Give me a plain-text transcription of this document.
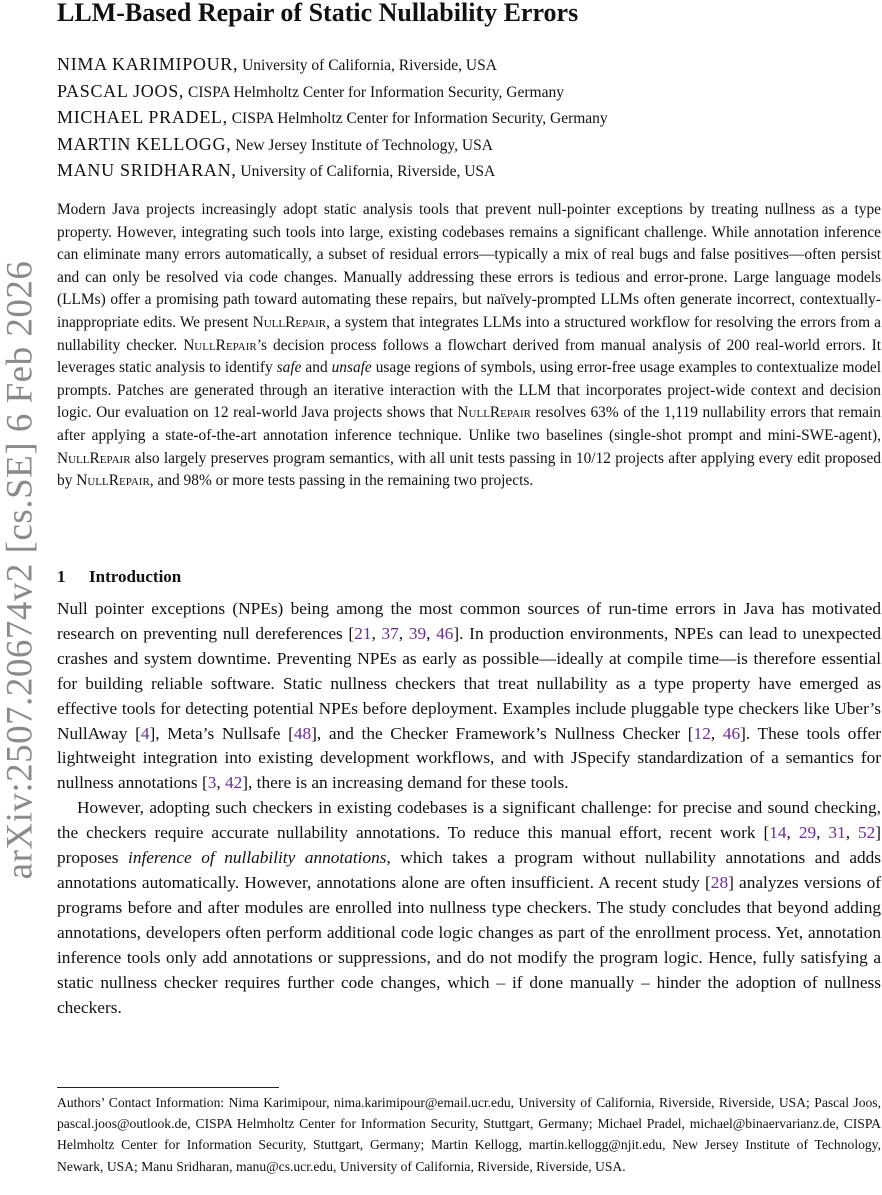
arXiv:2507.20674v2 [cs.SE] 6 Feb 2026
LLM-Based Repair of Static Nullability Errors
NIMA KARIMIPOUR, University of California, Riverside, USA
PASCAL JOOS, CISPA Helmholtz Center for Information Security, Germany
MICHAEL PRADEL, CISPA Helmholtz Center for Information Security, Germany
MARTIN KELLOGG, New Jersey Institute of Technology, USA
MANU SRIDHARAN, University of California, Riverside, USA

Modern Java projects increasingly adopt static analysis tools that prevent null-pointer exceptions by treating nullness as a type property. However, integrating such tools into large, existing codebases remains a significant challenge. While annotation inference can eliminate many errors automatically, a subset of residual errors—typically a mix of real bugs and false positives—often persist and can only be resolved via code changes. Manually addressing these errors is tedious and error-prone. Large language models (LLMs) offer a promising path toward automating these repairs, but naïvely-prompted LLMs often generate incorrect, contextually-inappropriate edits. We present NullRepair, a system that integrates LLMs into a structured workflow for resolving the errors from a nullability checker. NullRepair’s decision process follows a flowchart derived from manual analysis of 200 real-world errors. It leverages static analysis to identify safe and unsafe usage regions of symbols, using error-free usage examples to contextualize model prompts. Patches are generated through an iterative interaction with the LLM that incorporates project-wide context and decision logic. Our evaluation on 12 real-world Java projects shows that NullRepair resolves 63% of the 1,119 nullability errors that remain after applying a state-of-the-art annotation inference technique. Unlike two baselines (single-shot prompt and mini-SWE-agent), NullRepair also largely preserves program semantics, with all unit tests passing in 10/12 projects after applying every edit proposed by NullRepair, and 98% or more tests passing in the remaining two projects.

1 Introduction

Null pointer exceptions (NPEs) being among the most common sources of run-time errors in Java has motivated research on preventing null dereferences [21, 37, 39, 46]. In production environments, NPEs can lead to unexpected crashes and system downtime. Preventing NPEs as early as possible—ideally at compile time—is therefore essential for building reliable software. Static nullness checkers that treat nullability as a type property have emerged as effective tools for detecting potential NPEs before deployment. Examples include pluggable type checkers like Uber’s NullAway [4], Meta’s Nullsafe [48], and the Checker Framework’s Nullness Checker [12, 46]. These tools offer lightweight integration into existing development workflows, and with JSpecify standardization of a semantics for nullness annotations [3, 42], there is an increasing demand for these tools.

However, adopting such checkers in existing codebases is a significant challenge: for precise and sound checking, the checkers require accurate nullability annotations. To reduce this manual effort, recent work [14, 29, 31, 52] proposes inference of nullability annotations, which takes a program without nullability annotations and adds annotations automatically. However, annotations alone are often insufficient. A recent study [28] analyzes versions of programs before and after modules are enrolled into nullness type checkers. The study concludes that beyond adding annotations, developers often perform additional code logic changes as part of the enrollment process. Yet, annotation inference tools only add annotations or suppressions, and do not modify the program logic. Hence, fully satisfying a static nullness checker requires further code changes, which – if done manually – hinder the adoption of nullness checkers.

Authors’ Contact Information: Nima Karimipour, nima.karimipour@email.ucr.edu, University of California, Riverside, Riverside, USA; Pascal Joos, pascal.joos@outlook.de, CISPA Helmholtz Center for Information Security, Stuttgart, Germany; Michael Pradel, michael@binaervarianz.de, CISPA Helmholtz Center for Information Security, Stuttgart, Germany; Martin Kellogg, martin.kellogg@njit.edu, New Jersey Institute of Technology, Newark, USA; Manu Sridharan, manu@cs.ucr.edu, University of California, Riverside, Riverside, USA.
